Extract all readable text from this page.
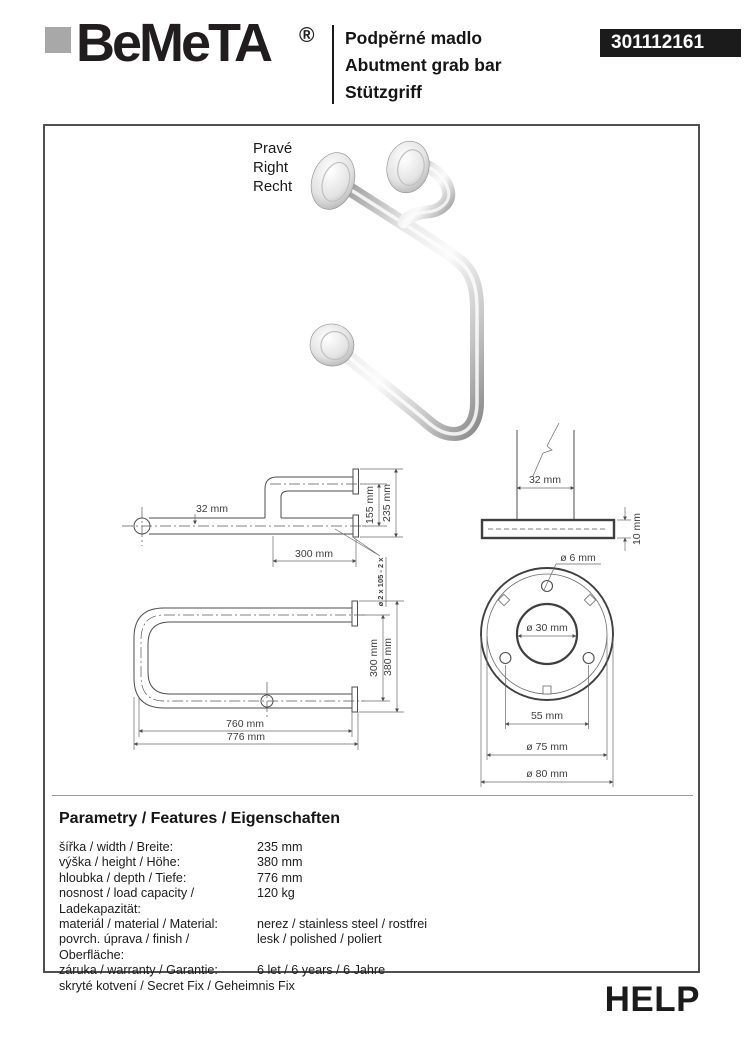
BeMeTA ® Podpěrné madlo
Abutment grab bar
Stützgriff
301112161
Pravé
Right
Recht
32 mm	155 mm 235 mm
300 mm
ø 2 x 105 - 2 x
300 mm 380 mm
760 mm
776 mm
32 mm
10 mm
ø 6 mm
ø 30 mm
55 mm
ø 75 mm
ø 80 mm
Parametry / Features / Eigenschaften
šířka / width / Breite:	235 mm
výška / height / Höhe:	380 mm
hloubka / depth / Tiefe:	776 mm
nosnost / load capacity / Ladekapazität:
120 kg
materiál / material / Material:	nerez / stainless steel / rostfrei
povrch. úprava / finish / Oberfläche:
lesk / polished / poliert
záruka / warranty / Garantie:	6 let / 6 years / 6 Jahre
skryté kotvení / Secret Fix / Geheimnis Fix	HELP
